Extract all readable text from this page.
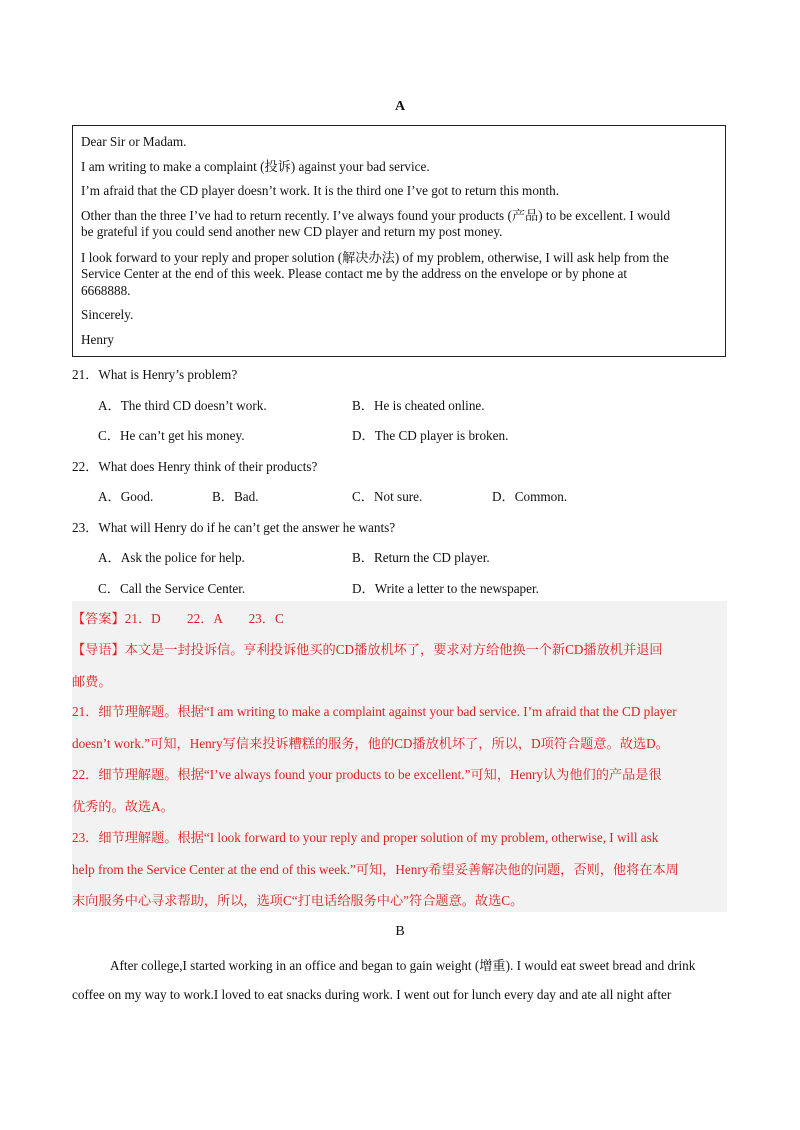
A
Dear Sir or Madam.
I am writing to make a complaint (投诉) against your bad service.
I’m afraid that the CD player doesn’t work. It is the third one I’ve got to return this month.
Other than the three I’ve had to return recently. I’ve always found your products (产品) to be excellent. I would
be grateful if you could send another new CD player and return my post money.
I look forward to your reply and proper solution (解决办法) of my problem, otherwise, I will ask help from the
Service Center at the end of this week. Please contact me by the address on the envelope or by phone at
6668888.
Sincerely.
Henry
21．What is Henry’s problem?
A．The third CD doesn’t work.	B．He is cheated online.
C．He can’t get his money.	D．The CD player is broken.
22．What does Henry think of their products?
A．Good.	B．Bad.	C．Not sure.	D．Common.
23．What will Henry do if he can’t get the answer he wants?
A．Ask the police for help.	B．Return the CD player.
C．Call the Service Center.	D．Write a letter to the newspaper.
【答案】21．D　　22．A　　23．C
【导语】本文是一封投诉信。亨利投诉他买的CD播放机坏了，要求对方给他换一个新CD播放机并退回
邮费。
21．细节理解题。根据“I am writing to make a complaint against your bad service. I’m afraid that the CD player
doesn’t work.”可知，Henry写信来投诉糟糕的服务，他的CD播放机坏了，所以，D项符合题意。故选D。
22．细节理解题。根据“I’ve always found your products to be excellent.”可知，Henry认为他们的产品是很
优秀的。故选A。
23．细节理解题。根据“I look forward to your reply and proper solution of my problem, otherwise, I will ask
help from the Service Center at the end of this week.”可知，Henry希望妥善解决他的问题，否则，他将在本周
末向服务中心寻求帮助，所以，选项C“打电话给服务中心”符合题意。故选C。
B
After college,I started working in an office and began to gain weight (增重). I would eat sweet bread and drink
coffee on my way to work.I loved to eat snacks during work. I went out for lunch every day and ate all night after
